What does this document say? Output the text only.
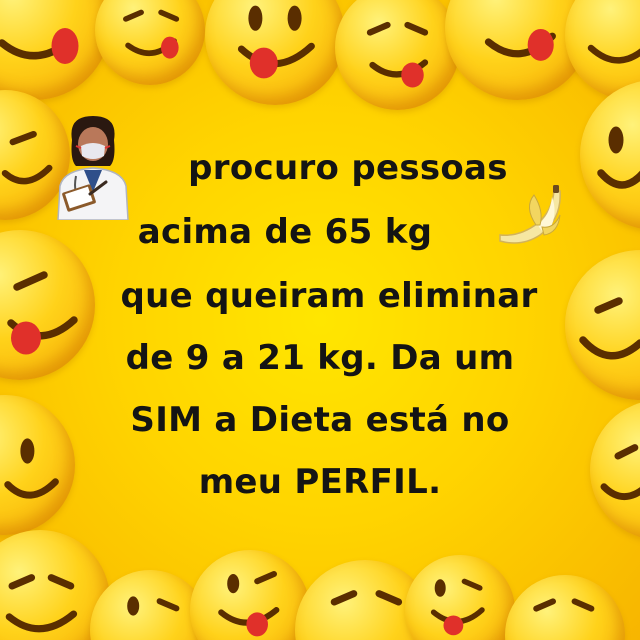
procuro pessoas
acima de 65 kg
que queiram eliminar
de 9 a 21 kg. Da um
SIM a Dieta está no
meu PERFIL.
